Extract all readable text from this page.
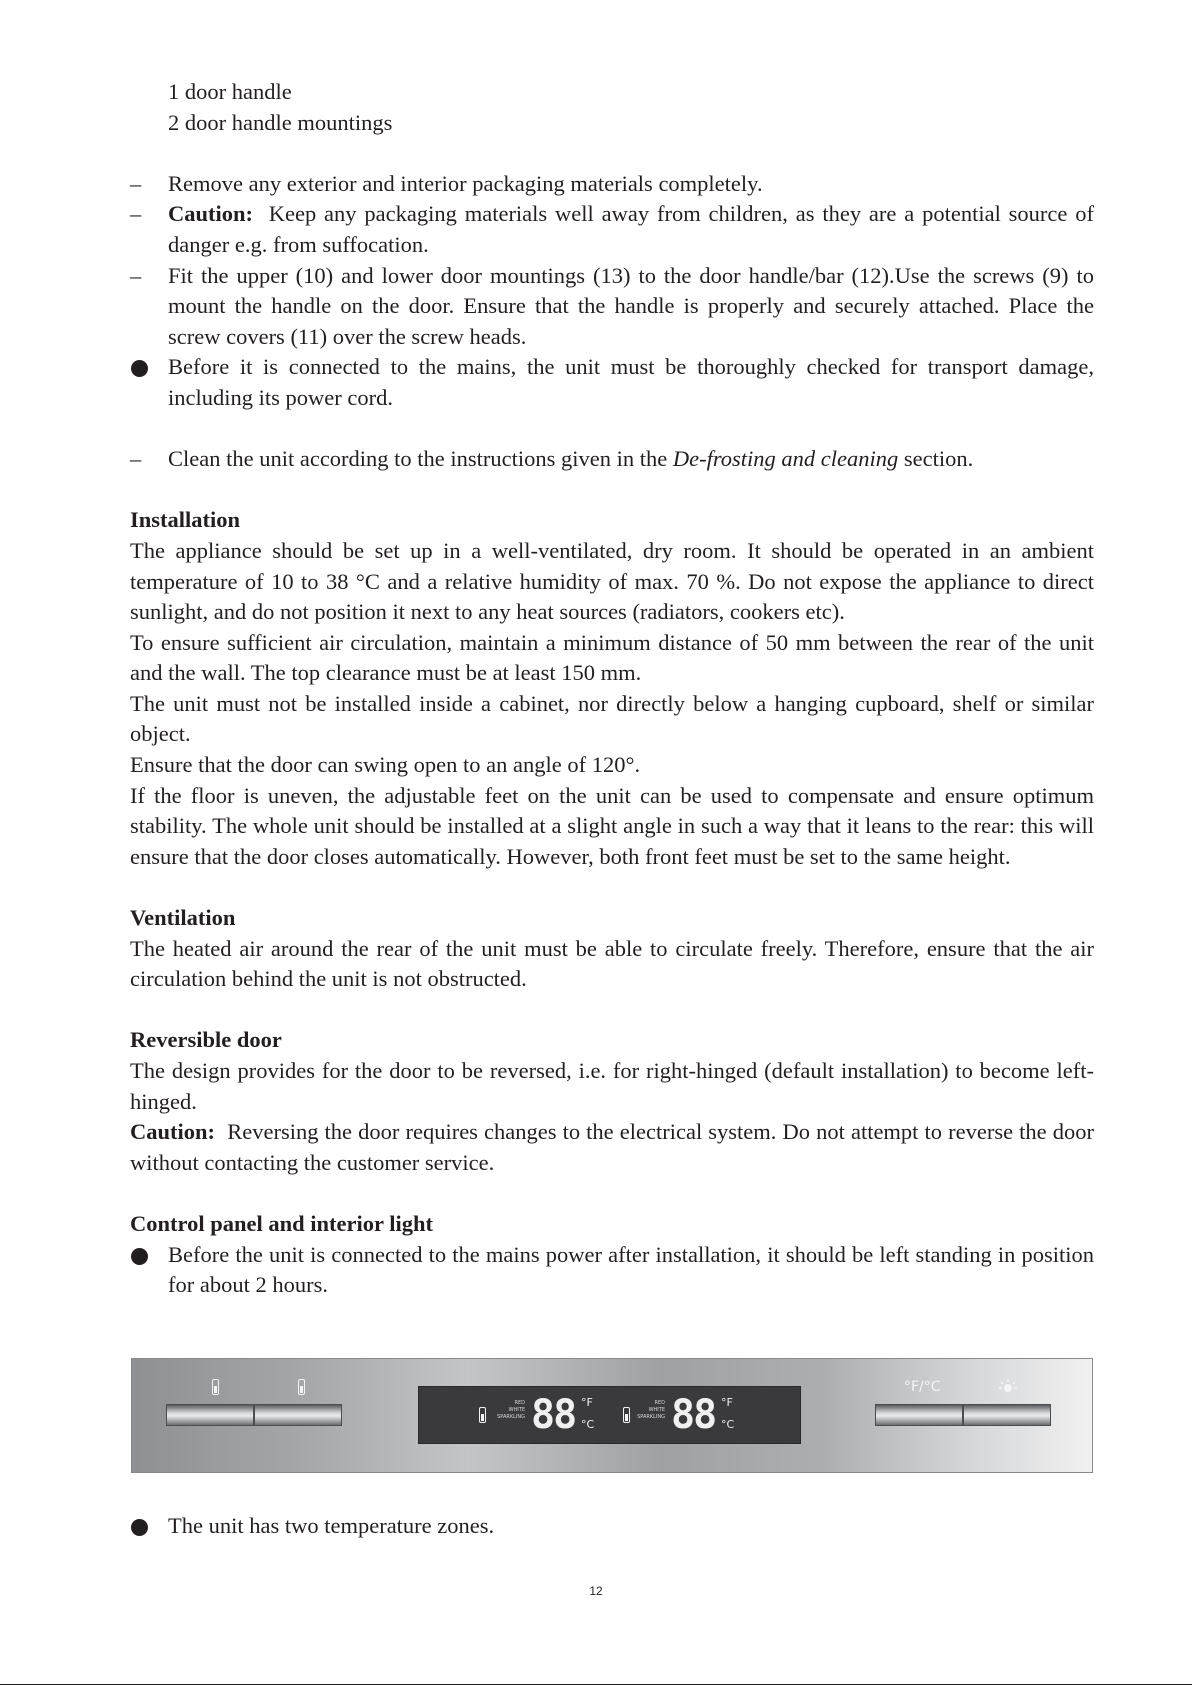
1 door handle
2 door handle mountings
– Remove any exterior and interior packaging materials completely.
– Caution: Keep any packaging materials well away from children, as they are a potential source of danger e.g. from suffocation.
– Fit the upper (10) and lower door mountings (13) to the door handle/bar (12).Use the screws (9) to mount the handle on the door. Ensure that the handle is properly and securely attached. Place the screw covers (11) over the screw heads.
Before it is connected to the mains, the unit must be thoroughly checked for transport damage, including its power cord.
– Clean the unit according to the instructions given in the De-frosting and cleaning section.
Installation

The appliance should be set up in a well-ventilated, dry room. It should be operated in an ambient temperature of 10 to 38 °C and a relative humidity of max. 70 %. Do not expose the appliance to direct sunlight, and do not position it next to any heat sources (radiators, cookers etc).

To ensure sufficient air circulation, maintain a minimum distance of 50 mm between the rear of the unit and the wall. The top clearance must be at least 150 mm.

The unit must not be installed inside a cabinet, nor directly below a hanging cupboard, shelf or similar object.

Ensure that the door can swing open to an angle of 120°.

If the floor is uneven, the adjustable feet on the unit can be used to compensate and ensure optimum stability. The whole unit should be installed at a slight angle in such a way that it leans to the rear: this will ensure that the door closes automatically. However, both front feet must be set to the same height.

Ventilation

The heated air around the rear of the unit must be able to circulate freely. Therefore, ensure that the air circulation behind the unit is not obstructed.

Reversible door

The design provides for the door to be reversed, i.e. for right-hinged (default installation) to become left-hinged.

Caution: Reversing the door requires changes to the electrical system. Do not attempt to reverse the door without contacting the customer service.

Control panel and interior light
Before the unit is connected to the mains power after installation, it should be left standing in position for about 2 hours.
RED
WHITE
SPARKLING 88 °F
°C
RED
WHITE
SPARKLING 88 °F
°C
°F/°C
The unit has two temperature zones.
12
